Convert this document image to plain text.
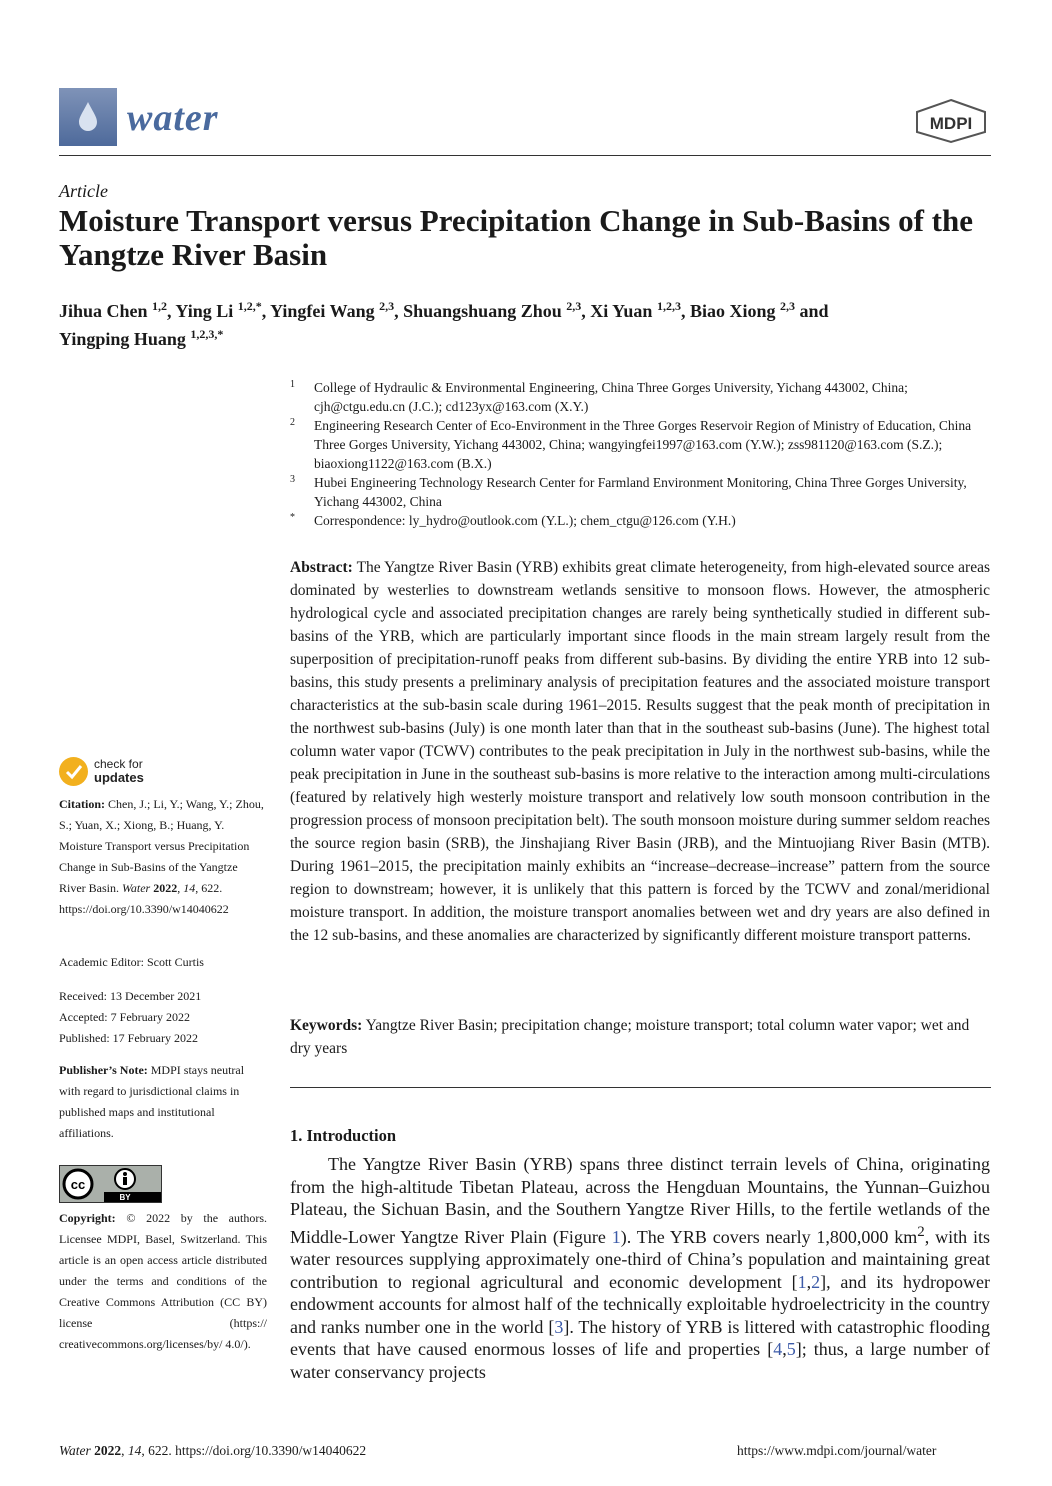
water	MDPI
Article
Moisture Transport versus Precipitation Change in Sub-Basins of the Yangtze River Basin
Jihua Chen $^{1,2}$, Ying Li $^{1,2,*}$, Yingfei Wang $^{2,3}$, Shuangshuang Zhou $^{2,3}$, Xi Yuan $^{1,2,3}$, Biao Xiong $^{2,3}$ and
Yingping Huang $^{1,2,3,*}$
1 College of Hydraulic & Environmental Engineering, China Three Gorges University, Yichang 443002, China; cjh@ctgu.edu.cn (J.C.); cd123yx@163.com (X.Y.)
2 Engineering Research Center of Eco-Environment in the Three Gorges Reservoir Region of Ministry of Education, China Three Gorges University, Yichang 443002, China; wangyingfei1997@163.com (Y.W.); zss981120@163.com (S.Z.); biaoxiong1122@163.com (B.X.)
3 Hubei Engineering Technology Research Center for Farmland Environment Monitoring, China Three Gorges University, Yichang 443002, China
* Correspondence: ly_hydro@outlook.com (Y.L.); chem_ctgu@126.com (Y.H.)

Abstract: The Yangtze River Basin (YRB) exhibits great climate heterogeneity, from high-elevated source areas dominated by westerlies to downstream wetlands sensitive to monsoon flows. However, the atmospheric hydrological cycle and associated precipitation changes are rarely being synthetically studied in different sub-basins of the YRB, which are particularly important since floods in the main stream largely result from the superposition of precipitation-runoff peaks from different sub-basins. By dividing the entire YRB into 12 sub-basins, this study presents a preliminary analysis of precipitation features and the associated moisture transport characteristics at the sub-basin scale during 1961–2015. Results suggest that the peak month of precipitation in the northwest sub-basins (July) is one month later than that in the southeast sub-basins (June). The highest total column water vapor (TCWV) contributes to the peak precipitation in July in the northwest sub-basins, while the peak precipitation in June in the southeast sub-basins is more relative to the interaction among multi-circulations (featured by relatively high westerly moisture transport and relatively low south monsoon contribution in the progression process of monsoon precipitation belt). The south monsoon moisture during summer seldom reaches the source region basin (SRB), the Jinshajiang River Basin (JRB), and the Mintuojiang River Basin (MTB). During 1961–2015, the precipitation mainly exhibits an “increase–decrease–increase” pattern from the source region to downstream; however, it is unlikely that this pattern is forced by the TCWV and zonal/meridional moisture transport. In addition, the moisture transport anomalies between wet and dry years are also defined in the 12 sub-basins, and these anomalies are characterized by significantly different moisture transport patterns.

Keywords: Yangtze River Basin; precipitation change; moisture transport; total column water vapor; wet and dry years

1. Introduction

The Yangtze River Basin (YRB) spans three distinct terrain levels of China, originating from the high-altitude Tibetan Plateau, across the Hengduan Mountains, the Yunnan–Guizhou Plateau, the Sichuan Basin, and the Southern Yangtze River Hills, to the fertile wetlands of the Middle-Lower Yangtze River Plain (Figure 1). The YRB covers nearly 1,800,000 $km^2$, with its water resources supplying approximately one-third of China’s population and maintaining great contribution to regional agricultural and economic development [1,2], and its hydropower endowment accounts for almost half of the technically exploitable hydroelectricity in the country and ranks number one in the world [3]. The history of YRB is littered with catastrophic flooding events that have caused enormous losses of life and properties [4,5]; thus, a large number of water conservancy projects

check for
updates
Citation: Chen, J.; Li, Y.; Wang, Y.; Zhou, S.; Yuan, X.; Xiong, B.; Huang, Y. Moisture Transport versus Precipitation Change in Sub-Basins of the Yangtze River Basin. Water 2022, 14, 622. https://doi.org/10.3390/w14040622
Academic Editor: Scott Curtis
Received: 13 December 2021
Accepted: 7 February 2022
Published: 17 February 2022
Publisher’s Note: MDPI stays neutral with regard to jurisdictional claims in published maps and institutional affiliations.
cc
BY
Copyright: © 2022 by the authors. Licensee MDPI, Basel, Switzerland. This article is an open access article distributed under the terms and conditions of the Creative Commons Attribution (CC BY) license (https:// creativecommons.org/licenses/by/ 4.0/).
Water 2022, 14, 622. https://doi.org/10.3390/w14040622	https://www.mdpi.com/journal/water
